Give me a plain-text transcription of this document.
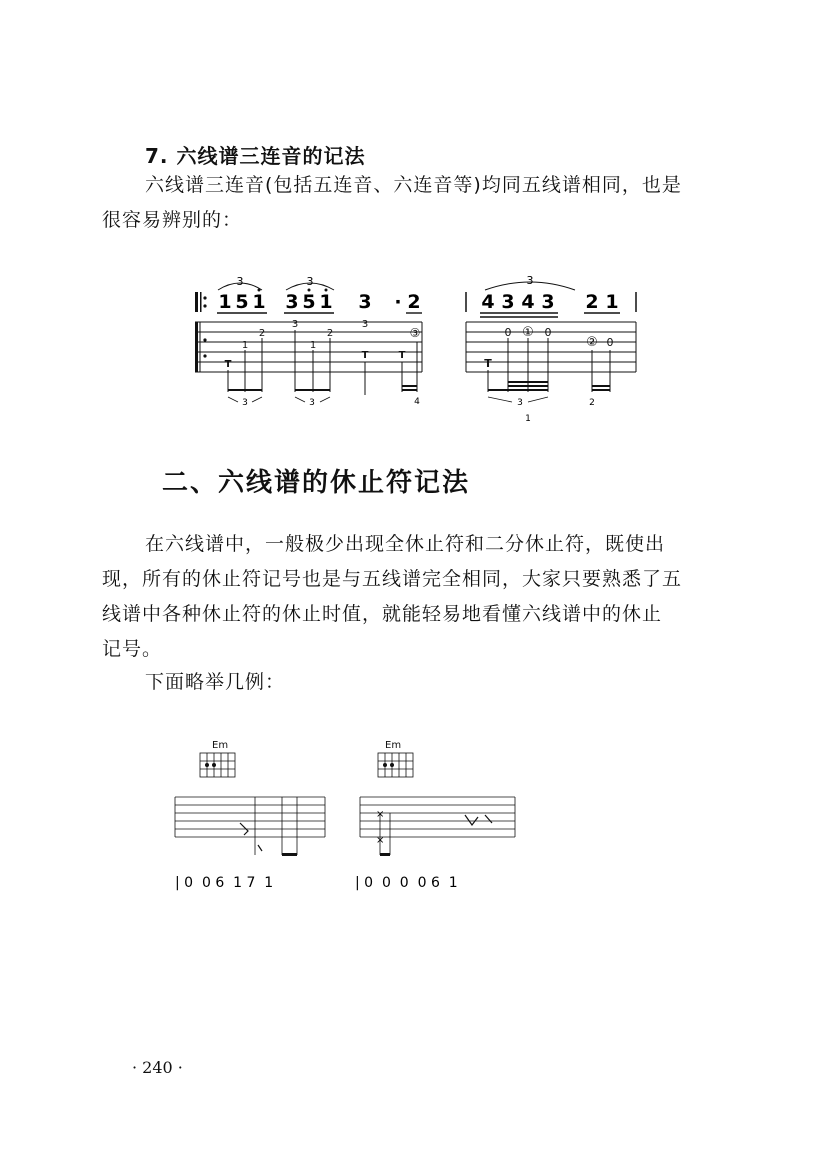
7. 六线谱三连音的记法
六线谱三连音(包括五连音、六连音等)均同五线谱相同，也是
很容易辨别的：
3	3	3
1 5 1 3 5 1 3 · 2	4 3 4 3 2 1
T
1
2
3
1
2
3
T	T
③
3	3	4
T
0 ① 0
② 0
3
1
2
二、六线谱的休止符记法
在六线谱中，一般极少出现全休止符和二分休止符，既使出
现，所有的休止符记号也是与五线谱完全相同，大家只要熟悉了五
线谱中各种休止符的休止时值，就能轻易地看懂六线谱中的休止
记号。
下面略举几例：
Em	Em
×
×
| 0  0 6  1 7  1	| 0  0  0  0 6  1
· 240 ·
